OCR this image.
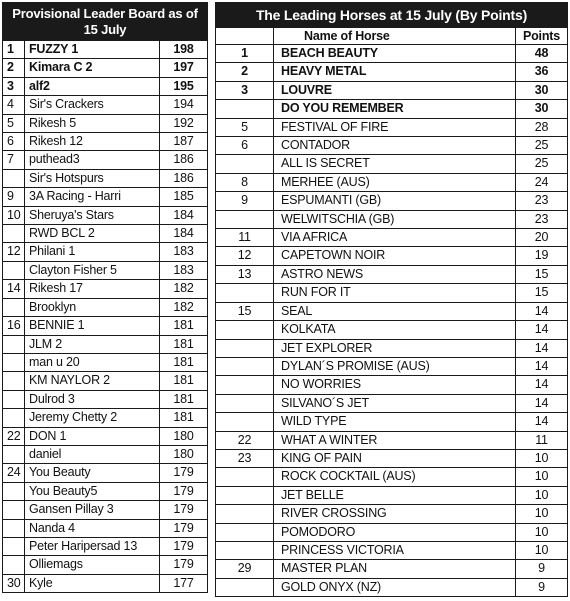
Provisional Leader Board as of 15 July		
1	FUZZY 1	198
2	Kimara C 2	197
3	alf2	195
4	Sir's Crackers	194
5	Rikesh 5	192
6	Rikesh 12	187
7	puthead3	186
	Sir's Hotspurs	186
9	3A Racing - Harri	185
10	Sheruya's Stars	184
	RWD BCL 2	184
12	Philani 1	183
	Clayton Fisher 5	183
14	Rikesh 17	182
	Brooklyn	182
16	BENNIE 1	181
	JLM 2	181
	man u 20	181
	KM NAYLOR 2	181
	Dulrod 3	181
	Jeremy Chetty 2	181
22	DON 1	180
	daniel	180
24	You Beauty	179
	You Beauty5	179
	Gansen Pillay 3	179
	Nanda 4	179
	Peter Haripersad 13	179
	Olliemags	179
30	Kyle	177
The Leading Horses at 15 July (By Points)		
	Name of Horse	Points
1	BEACH BEAUTY	48
2	HEAVY METAL	36
3	LOUVRE	30
	DO YOU REMEMBER	30
5	FESTIVAL OF FIRE	28
6	CONTADOR	25
	ALL IS SECRET	25
8	MERHEE (AUS)	24
9	ESPUMANTI (GB)	23
	WELWITSCHIA (GB)	23
11	VIA AFRICA	20
12	CAPETOWN NOIR	19
13	ASTRO NEWS	15
	RUN FOR IT	15
15	SEAL	14
	KOLKATA	14
	JET EXPLORER	14
	DYLAN´S PROMISE (AUS)	14
	NO WORRIES	14
	SILVANO´S JET	14
	WILD TYPE	14
22	WHAT A WINTER	11
23	KING OF PAIN	10
	ROCK COCKTAIL (AUS)	10
	JET BELLE	10
	RIVER CROSSING	10
	POMODORO	10
	PRINCESS VICTORIA	10
29	MASTER PLAN	9
	GOLD ONYX (NZ)	9
